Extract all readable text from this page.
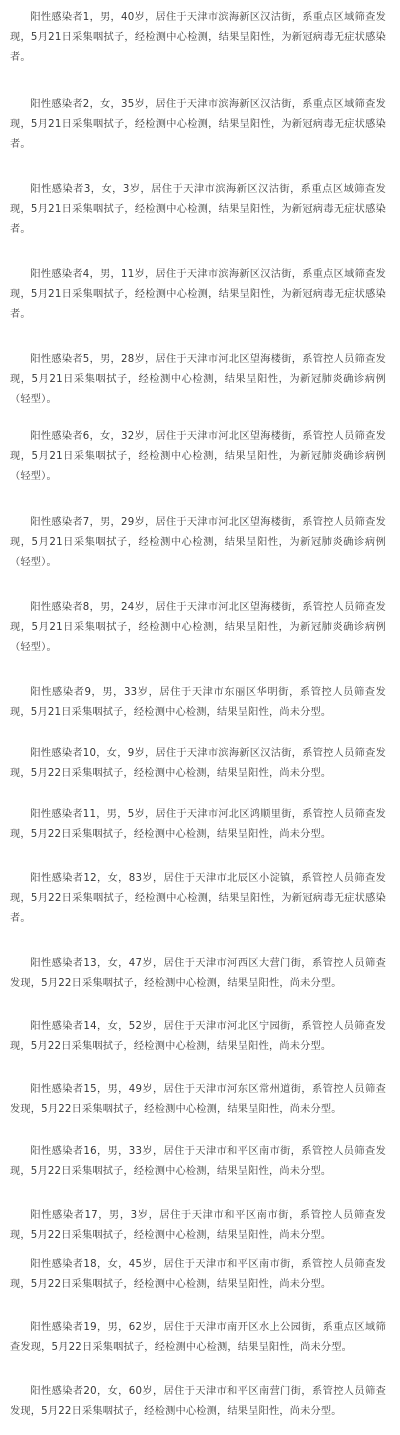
阳性感染者1，男，40岁，居住于天津市滨海新区汉沽街，系重点区域筛查发现，5月21日采集咽拭子，经检测中心检测，结果呈阳性，为新冠病毒无症状感染者。

阳性感染者2，女，35岁，居住于天津市滨海新区汉沽街，系重点区域筛查发现，5月21日采集咽拭子，经检测中心检测，结果呈阳性，为新冠病毒无症状感染者。

阳性感染者3，女，3岁，居住于天津市滨海新区汉沽街，系重点区域筛查发现，5月21日采集咽拭子，经检测中心检测，结果呈阳性，为新冠病毒无症状感染者。

阳性感染者4，男，11岁，居住于天津市滨海新区汉沽街，系重点区域筛查发现，5月21日采集咽拭子，经检测中心检测，结果呈阳性，为新冠病毒无症状感染者。

阳性感染者5，男，28岁，居住于天津市河北区望海楼街，系管控人员筛查发现，5月21日采集咽拭子，经检测中心检测，结果呈阳性，为新冠肺炎确诊病例（轻型）。

阳性感染者6，女，32岁，居住于天津市河北区望海楼街，系管控人员筛查发现，5月21日采集咽拭子，经检测中心检测，结果呈阳性，为新冠肺炎确诊病例（轻型）。

阳性感染者7，男，29岁，居住于天津市河北区望海楼街，系管控人员筛查发现，5月21日采集咽拭子，经检测中心检测，结果呈阳性，为新冠肺炎确诊病例（轻型）。

阳性感染者8，男，24岁，居住于天津市河北区望海楼街，系管控人员筛查发现，5月21日采集咽拭子，经检测中心检测，结果呈阳性，为新冠肺炎确诊病例（轻型）。

阳性感染者9，男，33岁，居住于天津市东丽区华明街，系管控人员筛查发现，5月21日采集咽拭子，经检测中心检测，结果呈阳性，尚未分型。

阳性感染者10，女，9岁，居住于天津市滨海新区汉沽街，系管控人员筛查发现，5月22日采集咽拭子，经检测中心检测，结果呈阳性，尚未分型。

阳性感染者11，男，5岁，居住于天津市河北区鸿顺里街，系管控人员筛查发现，5月22日采集咽拭子，经检测中心检测，结果呈阳性，尚未分型。

阳性感染者12，女，83岁，居住于天津市北辰区小淀镇，系管控人员筛查发现，5月22日采集咽拭子，经检测中心检测，结果呈阳性，为新冠病毒无症状感染者。

阳性感染者13，女，47岁，居住于天津市河西区大营门街，系管控人员筛查发现，5月22日采集咽拭子，经检测中心检测，结果呈阳性，尚未分型。

阳性感染者14，女，52岁，居住于天津市河北区宁园街，系管控人员筛查发现，5月22日采集咽拭子，经检测中心检测，结果呈阳性，尚未分型。

阳性感染者15，男，49岁，居住于天津市河东区常州道街，系管控人员筛查发现，5月22日采集咽拭子，经检测中心检测，结果呈阳性，尚未分型。

阳性感染者16，男，33岁，居住于天津市和平区南市街，系管控人员筛查发现，5月22日采集咽拭子，经检测中心检测，结果呈阳性，尚未分型。

阳性感染者17，男，3岁，居住于天津市和平区南市街，系管控人员筛查发现，5月22日采集咽拭子，经检测中心检测，结果呈阳性，尚未分型。

阳性感染者18，女，45岁，居住于天津市和平区南市街，系管控人员筛查发现，5月22日采集咽拭子，经检测中心检测，结果呈阳性，尚未分型。

阳性感染者19，男，62岁，居住于天津市南开区水上公园街，系重点区域筛查发现，5月22日采集咽拭子，经检测中心检测，结果呈阳性，尚未分型。

阳性感染者20，女，60岁，居住于天津市和平区南营门街，系管控人员筛查发现，5月22日采集咽拭子，经检测中心检测，结果呈阳性，尚未分型。
